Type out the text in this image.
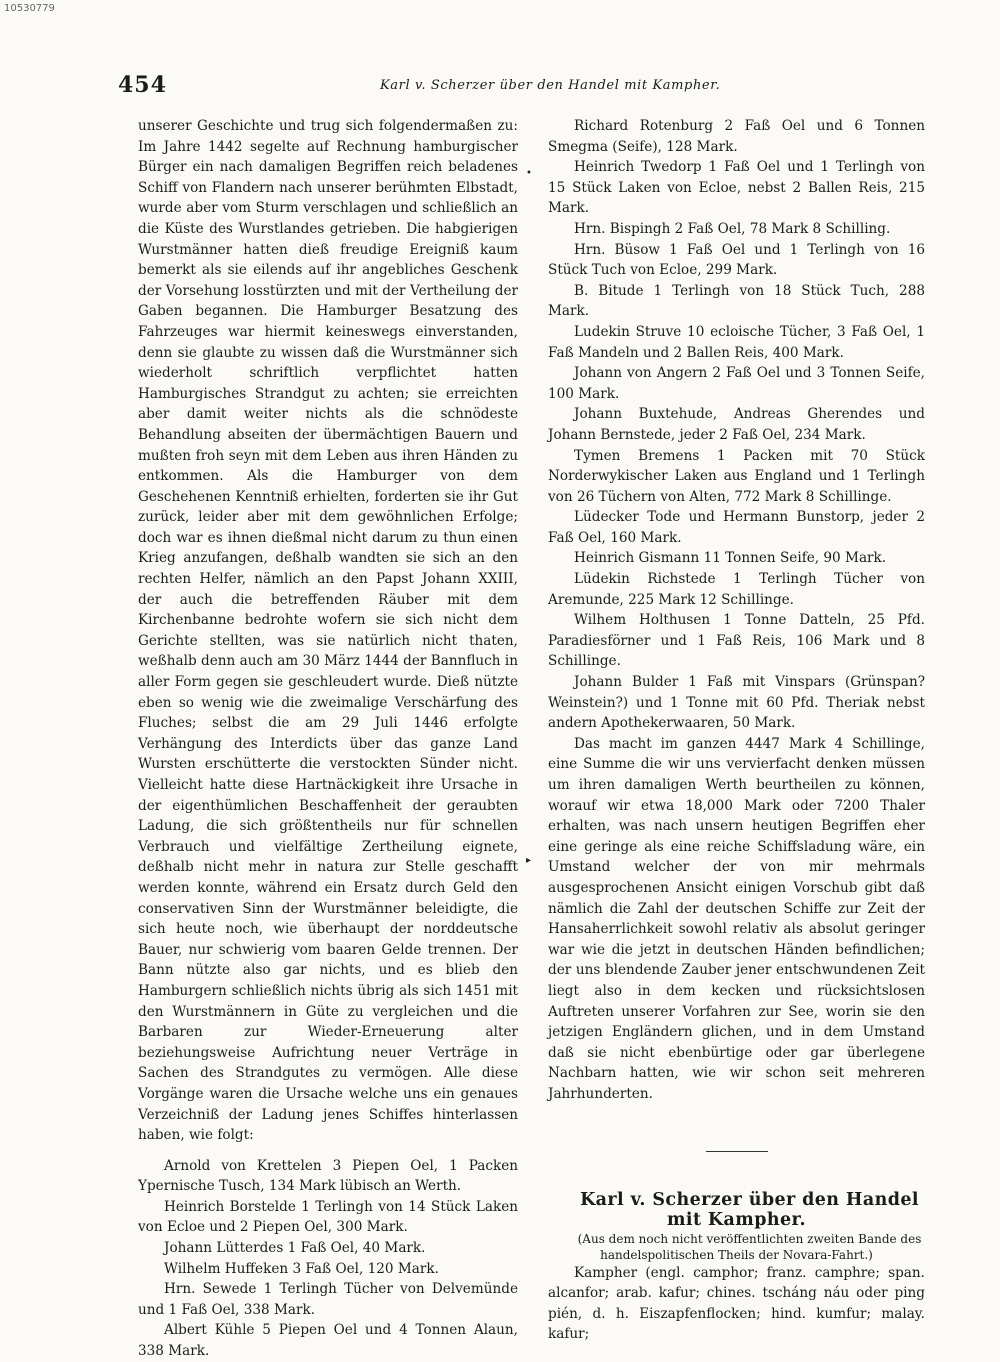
10530779
454	Karl v. Scherzer über den Handel mit Kampher.
•
▸

unserer Geschichte und trug sich folgendermaßen zu: Im Jahre 1442 segelte auf Rechnung hamburgischer Bürger ein nach damaligen Begriffen reich beladenes Schiff von Flandern nach unserer berühmten Elbstadt, wurde aber vom Sturm verschlagen und schließlich an die Küste des Wurstlandes getrieben. Die habgierigen Wurstmänner hatten dieß freudige Ereigniß kaum bemerkt als sie eilends auf ihr angebliches Geschenk der Vorsehung losstürzten und mit der Vertheilung der Gaben begannen. Die Hamburger Besatzung des Fahrzeuges war hiermit keineswegs einverstanden, denn sie glaubte zu wissen daß die Wurstmänner sich wiederholt schriftlich verpflichtet hatten Hamburgisches Strandgut zu achten; sie erreichten aber damit weiter nichts als die schnödeste Behandlung abseiten der übermächtigen Bauern und mußten froh seyn mit dem Leben aus ihren Händen zu entkommen. Als die Hamburger von dem Geschehenen Kenntniß erhielten, forderten sie ihr Gut zurück, leider aber mit dem gewöhnlichen Erfolge; doch war es ihnen dießmal nicht darum zu thun einen Krieg anzufangen, deßhalb wandten sie sich an den rechten Helfer, nämlich an den Papst Johann XXIII, der auch die betreffenden Räuber mit dem Kirchenbanne bedrohte wofern sie sich nicht dem Gerichte stellten, was sie natürlich nicht thaten, weßhalb denn auch am 30 März 1444 der Bannfluch in aller Form gegen sie geschleudert wurde. Dieß nützte eben so wenig wie die zweimalige Verschärfung des Fluches; selbst die am 29 Juli 1446 erfolgte Verhängung des Interdicts über das ganze Land Wursten erschütterte die verstockten Sünder nicht. Vielleicht hatte diese Hartnäckigkeit ihre Ursache in der eigenthümlichen Beschaffenheit der geraubten Ladung, die sich größtentheils nur für schnellen Verbrauch und vielfältige Zertheilung eignete, deßhalb nicht mehr in natura zur Stelle geschafft werden konnte, während ein Ersatz durch Geld den conservativen Sinn der Wurstmänner beleidigte, die sich heute noch, wie überhaupt der norddeutsche Bauer, nur schwierig vom baaren Gelde trennen. Der Bann nützte also gar nichts, und es blieb den Hamburgern schließlich nichts übrig als sich 1451 mit den Wurstmännern in Güte zu vergleichen und die Barbaren zur Wieder-Erneuerung alter beziehungsweise Aufrichtung neuer Verträge in Sachen des Strandgutes zu vermögen. Alle diese Vorgänge waren die Ursache welche uns ein genaues Verzeichniß der Ladung jenes Schiffes hinterlassen haben, wie folgt:

Arnold von Krettelen 3 Piepen Oel, 1 Packen Ypernische Tusch, 134 Mark lübisch an Werth.

Heinrich Borstelde 1 Terlingh von 14 Stück Laken von Ecloe und 2 Piepen Oel, 300 Mark.

Johann Lütterdes 1 Faß Oel, 40 Mark.

Wilhelm Huffeken 3 Faß Oel, 120 Mark.

Hrn. Sewede 1 Terlingh Tücher von Delvemünde und 1 Faß Oel, 338 Mark.

Albert Kühle 5 Piepen Oel und 4 Tonnen Alaun, 338 Mark.

Richard Rotenburg 2 Faß Oel und 6 Tonnen Smegma (Seife), 128 Mark.

Heinrich Twedorp 1 Faß Oel und 1 Terlingh von 15 Stück Laken von Ecloe, nebst 2 Ballen Reis, 215 Mark.

Hrn. Bispingh 2 Faß Oel, 78 Mark 8 Schilling.

Hrn. Büsow 1 Faß Oel und 1 Terlingh von 16 Stück Tuch von Ecloe, 299 Mark.

B. Bitude 1 Terlingh von 18 Stück Tuch, 288 Mark.

Ludekin Struve 10 ecloische Tücher, 3 Faß Oel, 1 Faß Mandeln und 2 Ballen Reis, 400 Mark.

Johann von Angern 2 Faß Oel und 3 Tonnen Seife, 100 Mark.

Johann Buxtehude, Andreas Gherendes und Johann Bernstede, jeder 2 Faß Oel, 234 Mark.

Tymen Bremens 1 Packen mit 70 Stück Norderwykischer Laken aus England und 1 Terlingh von 26 Tüchern von Alten, 772 Mark 8 Schillinge.

Lüdecker Tode und Hermann Bunstorp, jeder 2 Faß Oel, 160 Mark.

Heinrich Gismann 11 Tonnen Seife, 90 Mark.

Lüdekin Richstede 1 Terlingh Tücher von Aremunde, 225 Mark 12 Schillinge.

Wilhem Holthusen 1 Tonne Datteln, 25 Pfd. Paradiesförner und 1 Faß Reis, 106 Mark und 8 Schillinge.

Johann Bulder 1 Faß mit Vinspars (Grünspan? Weinstein?) und 1 Tonne mit 60 Pfd. Theriak nebst andern Apothekerwaaren, 50 Mark.

Das macht im ganzen 4447 Mark 4 Schillinge, eine Summe die wir uns vervierfacht denken müssen um ihren damaligen Werth beurtheilen zu können, worauf wir etwa 18,000 Mark oder 7200 Thaler erhalten, was nach unsern heutigen Begriffen eher eine geringe als eine reiche Schiffsladung wäre, ein Umstand welcher der von mir mehrmals ausgesprochenen Ansicht einigen Vorschub gibt daß nämlich die Zahl der deutschen Schiffe zur Zeit der Hansaherrlichkeit sowohl relativ als absolut geringer war wie die jetzt in deutschen Händen befindlichen; der uns blendende Zauber jener entschwundenen Zeit liegt also in dem kecken und rücksichtslosen Auftreten unserer Vorfahren zur See, worin sie den jetzigen Engländern glichen, und in dem Umstand daß sie nicht ebenbürtige oder gar überlegene Nachbarn hatten, wie wir schon seit mehreren Jahrhunderten.

Karl v. Scherzer über den Handel mit Kampher.

(Aus dem noch nicht veröffentlichten zweiten Bande des handelspolitischen Theils der Novara-Fahrt.)

Kampher (engl. camphor; franz. camphre; span. alcanfor; arab. kafur; chines. tscháng náu oder ping pién, d. h. Eiszapfenflocken; hind. kumfur; malay. kafur;
